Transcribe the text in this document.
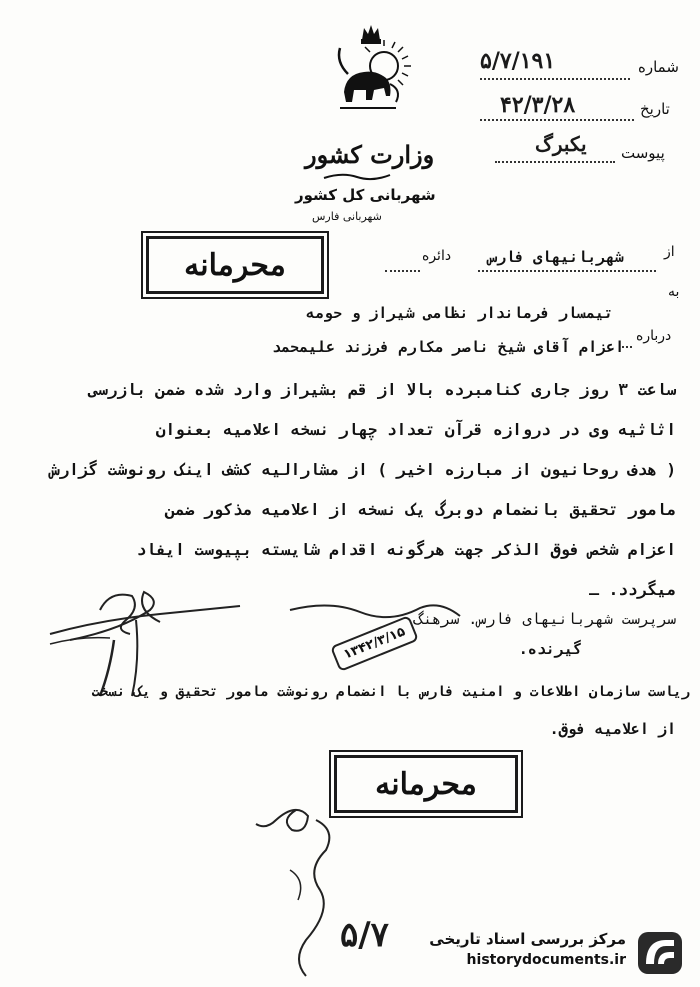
وزارت کشور
شهربانی کل کشور
شهربانی فارس
شماره
۵/۷/۱۹۱
تاریخ
۴۲/۳/۲۸
پیوست
یکبرگ
محرمانه	از
شهربانیهای فارس
دائره
به
تیمسار فرماندار نظامی شیراز و حومه
درباره
اعزام آقای شیخ ناصر مکارم فرزند علیمحمد
ساعت ۳ روز جاری کنامبرده بالا از قم بشیراز وارد شده ضمن بازرسی
اثاثیه وی در دروازه قرآن تعداد چهار نسخه اعلامیه بعنوان
( هدف روحانیون از مبارزه اخیر ) از مشارالیه کشف اینک رونوشت گزارش
مامور تحقیق بانضمام دوبرگ یک نسخه از اعلامیه مذکور ضمن
اعزام شخص فوق الذکر جهت هرگونه اقدام شایسته بپیوست ایفاد
میگردد. ـ
سرپرست شهربانیهای فارس. سرهنگ
۱۳۴۲/۳/۱۵	گیرنده.
ریاست سازمان اطلاعات و امنیت فارس با انضمام رونوشت مامور تحقیق و یک نسخت
از اعلامیه فوق.
محرمانه
۵/۷	مرکز بررسی اسناد تاریخی
historydocuments.ir
